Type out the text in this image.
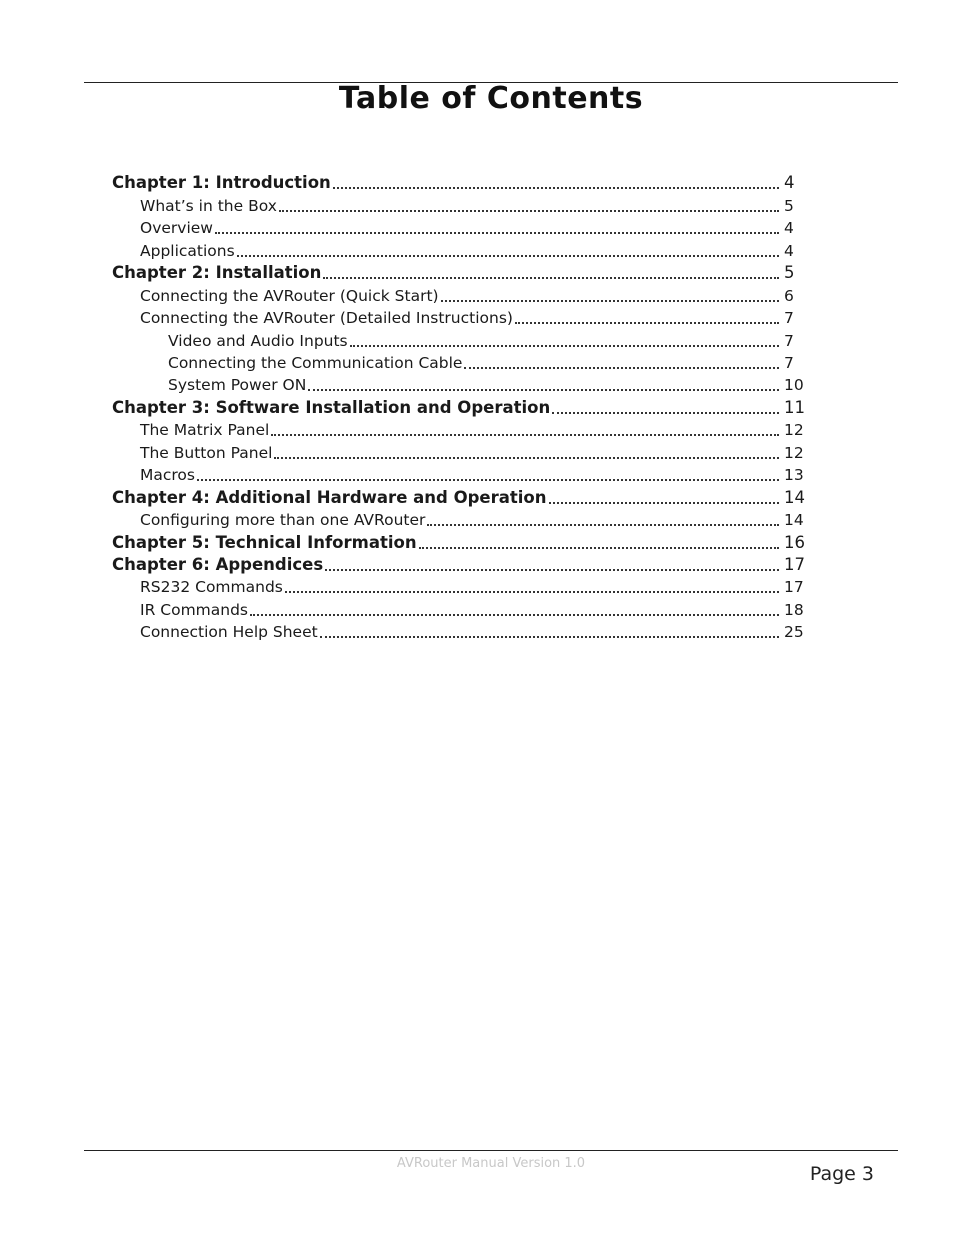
Table of Contents
Chapter 1: Introduction	4
What’s in the Box	5
Overview	4
Applications	4
Chapter 2: Installation	5
Connecting the AVRouter (Quick Start)	6
Connecting the AVRouter (Detailed Instructions)	7
Video and Audio Inputs	7
Connecting the Communication Cable	7
System Power ON	10
Chapter 3: Software Installation and Operation	11
The Matrix Panel	12
The Button Panel	12
Macros	13
Chapter 4: Additional Hardware and Operation	14
Configuring more than one AVRouter	14
Chapter 5: Technical Information	16
Chapter 6: Appendices	17
RS232 Commands	17
IR Commands	18
Connection Help Sheet	25
AVRouter Manual Version 1.0	Page 3
